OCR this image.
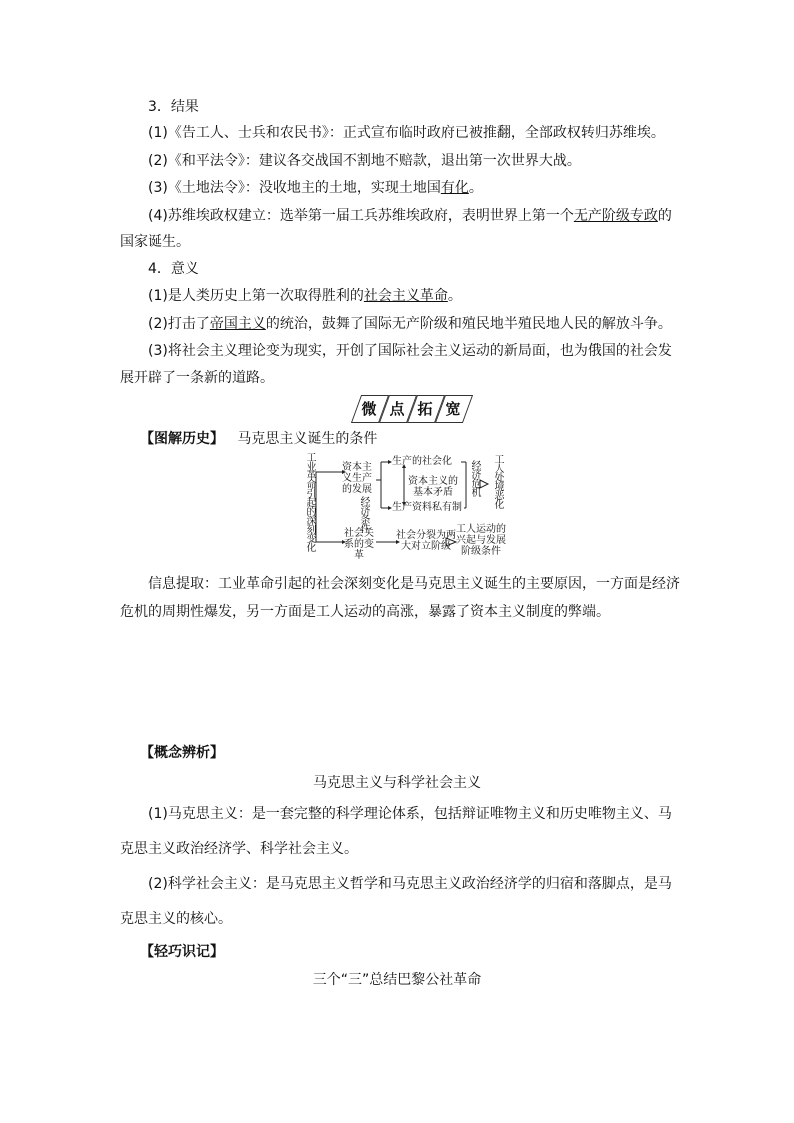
3．结果
(1)《告工人、士兵和农民书》：正式宣布临时政府已被推翻，全部政权转归苏维埃。
(2)《和平法令》：建议各交战国不割地不赔款，退出第一次世界大战。
(3)《土地法令》：没收地主的土地，实现土地国有化。
(4)苏维埃政权建立：选举第一届工兵苏维埃政府，表明世界上第一个无产阶级专政的
国家诞生。
4．意义
(1)是人类历史上第一次取得胜利的社会主义革命。
(2)打击了帝国主义的统治，鼓舞了国际无产阶级和殖民地半殖民地人民的解放斗争。
(3)将社会主义理论变为现实，开创了国际社会主义运动的新局面，也为俄国的社会发
展开辟了一条新的道路。
微 点 拓 宽
【图解历史】 马克思主义诞生的条件
工业革命引起的深刻变化	资本主
义生产
的发展
经济条件
社会关
系的变
革
生产的社会化
资本主义的
基本矛盾
生产资料私有制
经济危机 工人处境恶化
社会分裂为两
大对立阶级
工人运动的
兴起与发展
阶级条件
信息提取：工业革命引起的社会深刻变化是马克思主义诞生的主要原因，一方面是经济
危机的周期性爆发，另一方面是工人运动的高涨，暴露了资本主义制度的弊端。
【概念辨析】
马克思主义与科学社会主义
(1)马克思主义：是一套完整的科学理论体系，包括辩证唯物主义和历史唯物主义、马
克思主义政治经济学、科学社会主义。
(2)科学社会主义：是马克思主义哲学和马克思主义政治经济学的归宿和落脚点，是马
克思主义的核心。
【轻巧识记】
三个“三”总结巴黎公社革命
